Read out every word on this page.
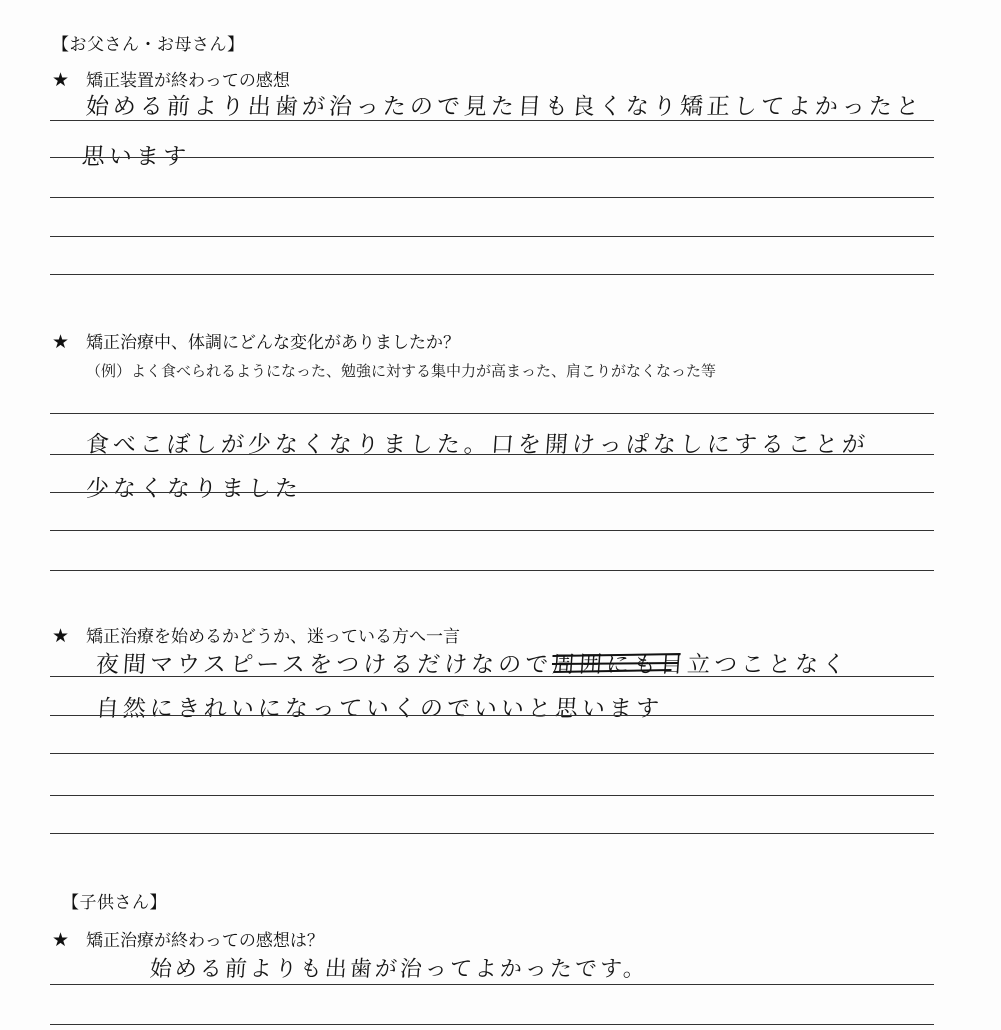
【お父さん・お母さん】
★ 矯正装置が終わっての感想
始める前より出歯が治ったので見た目も良くなり矯正してよかったと
思います
★ 矯正治療中、体調にどんな変化がありましたか？
（例）よく食べられるようになった、勉強に対する集中力が高まった、肩こりがなくなった等
食べこぼしが少なくなりました。口を開けっぱなしにすることが
少なくなりました
★ 矯正治療を始めるかどうか、迷っている方へ一言
夜間マウスピースをつけるだけなので周囲にも
目立つことなく
自然にきれいになっていくのでいいと思います
【子供さん】
★ 矯正治療が終わっての感想は？
始める前よりも出歯が治ってよかったです。
